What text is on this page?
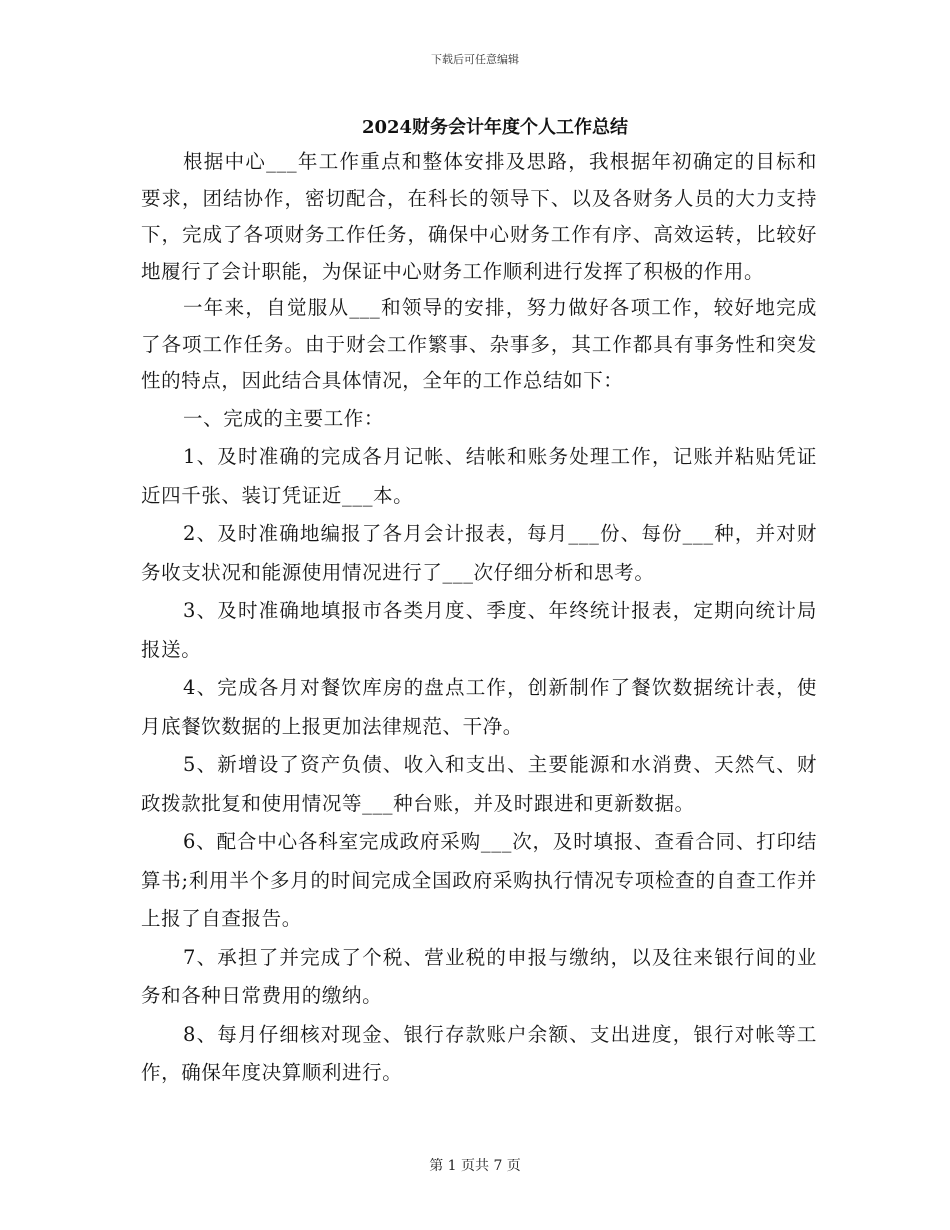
下载后可任意编辑
2024财务会计年度个人工作总结

根据中心___年工作重点和整体安排及思路，我根据年初确定的目标和要求，团结协作，密切配合，在科长的领导下、以及各财务人员的大力支持下，完成了各项财务工作任务，确保中心财务工作有序、高效运转，比较好地履行了会计职能，为保证中心财务工作顺利进行发挥了积极的作用。

一年来，自觉服从___和领导的安排，努力做好各项工作，较好地完成了各项工作任务。由于财会工作繁事、杂事多，其工作都具有事务性和突发性的特点，因此结合具体情况，全年的工作总结如下：

一、完成的主要工作：

1、及时准确的完成各月记帐、结帐和账务处理工作，记账并粘贴凭证近四千张、装订凭证近___本。

2、及时准确地编报了各月会计报表，每月___份、每份___种，并对财务收支状况和能源使用情况进行了___次仔细分析和思考。

3、及时准确地填报市各类月度、季度、年终统计报表，定期向统计局报送。

4、完成各月对餐饮库房的盘点工作，创新制作了餐饮数据统计表，使月底餐饮数据的上报更加法律规范、干净。

5、新增设了资产负债、收入和支出、主要能源和水消费、天然气、财政拨款批复和使用情况等___种台账，并及时跟进和更新数据。

6、配合中心各科室完成政府采购___次，及时填报、查看合同、打印结算书;利用半个多月的时间完成全国政府采购执行情况专项检查的自查工作并上报了自查报告。

7、承担了并完成了个税、营业税的申报与缴纳，以及往来银行间的业务和各种日常费用的缴纳。

8、每月仔细核对现金、银行存款账户余额、支出进度，银行对帐等工作，确保年度决算顺利进行。

第 1 页共 7 页
